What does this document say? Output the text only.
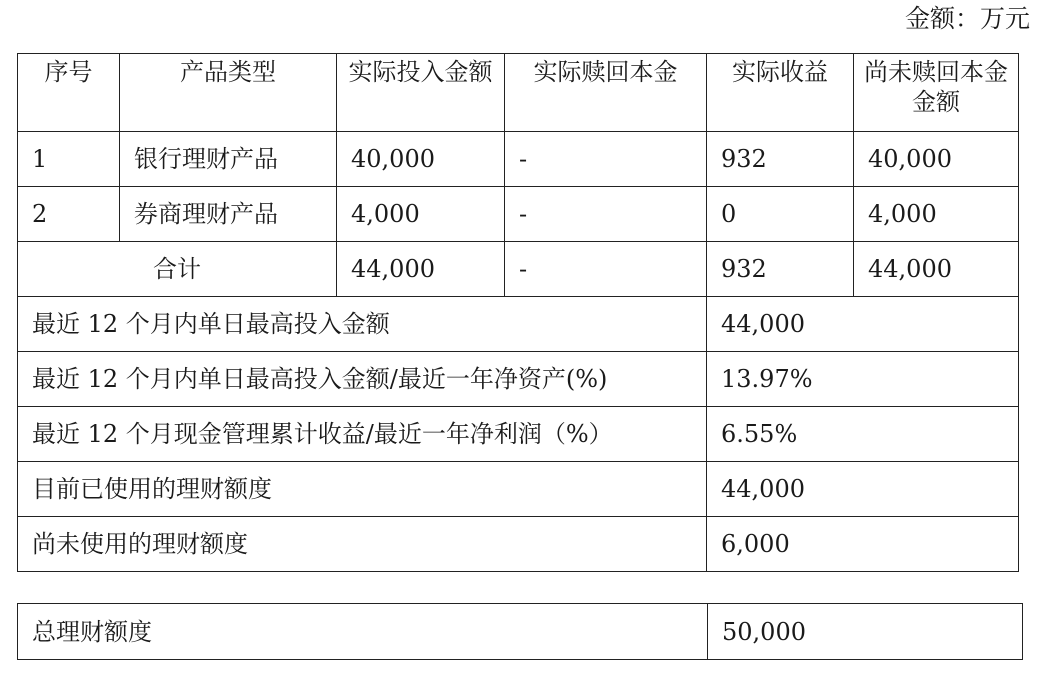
金额：万元
序号	产品类型	实际投入金额	实际赎回本金	实际收益	尚未赎回本金金额
1	银行理财产品	40,000	-	932	40,000
2	券商理财产品	4,000	-	0	4,000
合计		44,000	-	932	44,000
最近 12 个月内单日最高投入金额				44,000	
最近 12 个月内单日最高投入金额/最近一年净资产(%)				13.97%	
最近 12 个月现金管理累计收益/最近一年净利润（%）				6.55%	
目前已使用的理财额度				44,000	
尚未使用的理财额度				6,000	
总理财额度	50,000
